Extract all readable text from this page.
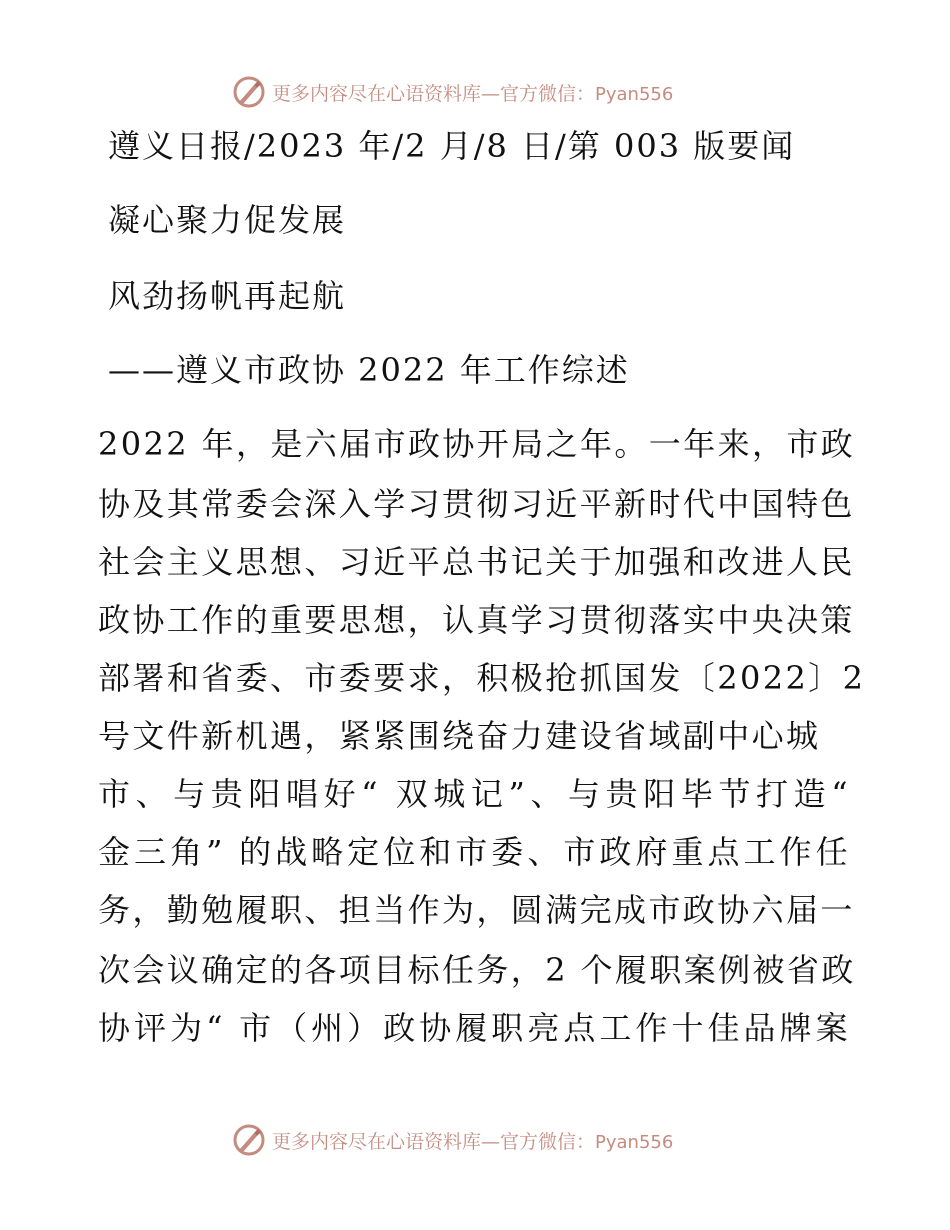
更多内容尽在心语资料库—官方微信：Pyan556
遵义日报/2023 年/2 月/8 日/第 003 版要闻
凝心聚力促发展
风劲扬帆再起航
——遵义市政协 2022 年工作综述
2022 年，是六届市政协开局之年。一年来，市政
协及其常委会深入学习贯彻习近平新时代中国特色
社会主义思想、习近平总书记关于加强和改进人民
政协工作的重要思想，认真学习贯彻落实中央决策
部署和省委、市委要求，积极抢抓国发〔2022〕2
号文件新机遇，紧紧围绕奋力建设省域副中心城
市、与贵阳唱好“ 双城记”、与贵阳毕节打造“
金三角” 的战略定位和市委、市政府重点工作任
务，勤勉履职、担当作为，圆满完成市政协六届一
次会议确定的各项目标任务，2 个履职案例被省政
协评为“ 市（州）政协履职亮点工作十佳品牌案
更多内容尽在心语资料库—官方微信：Pyan556
